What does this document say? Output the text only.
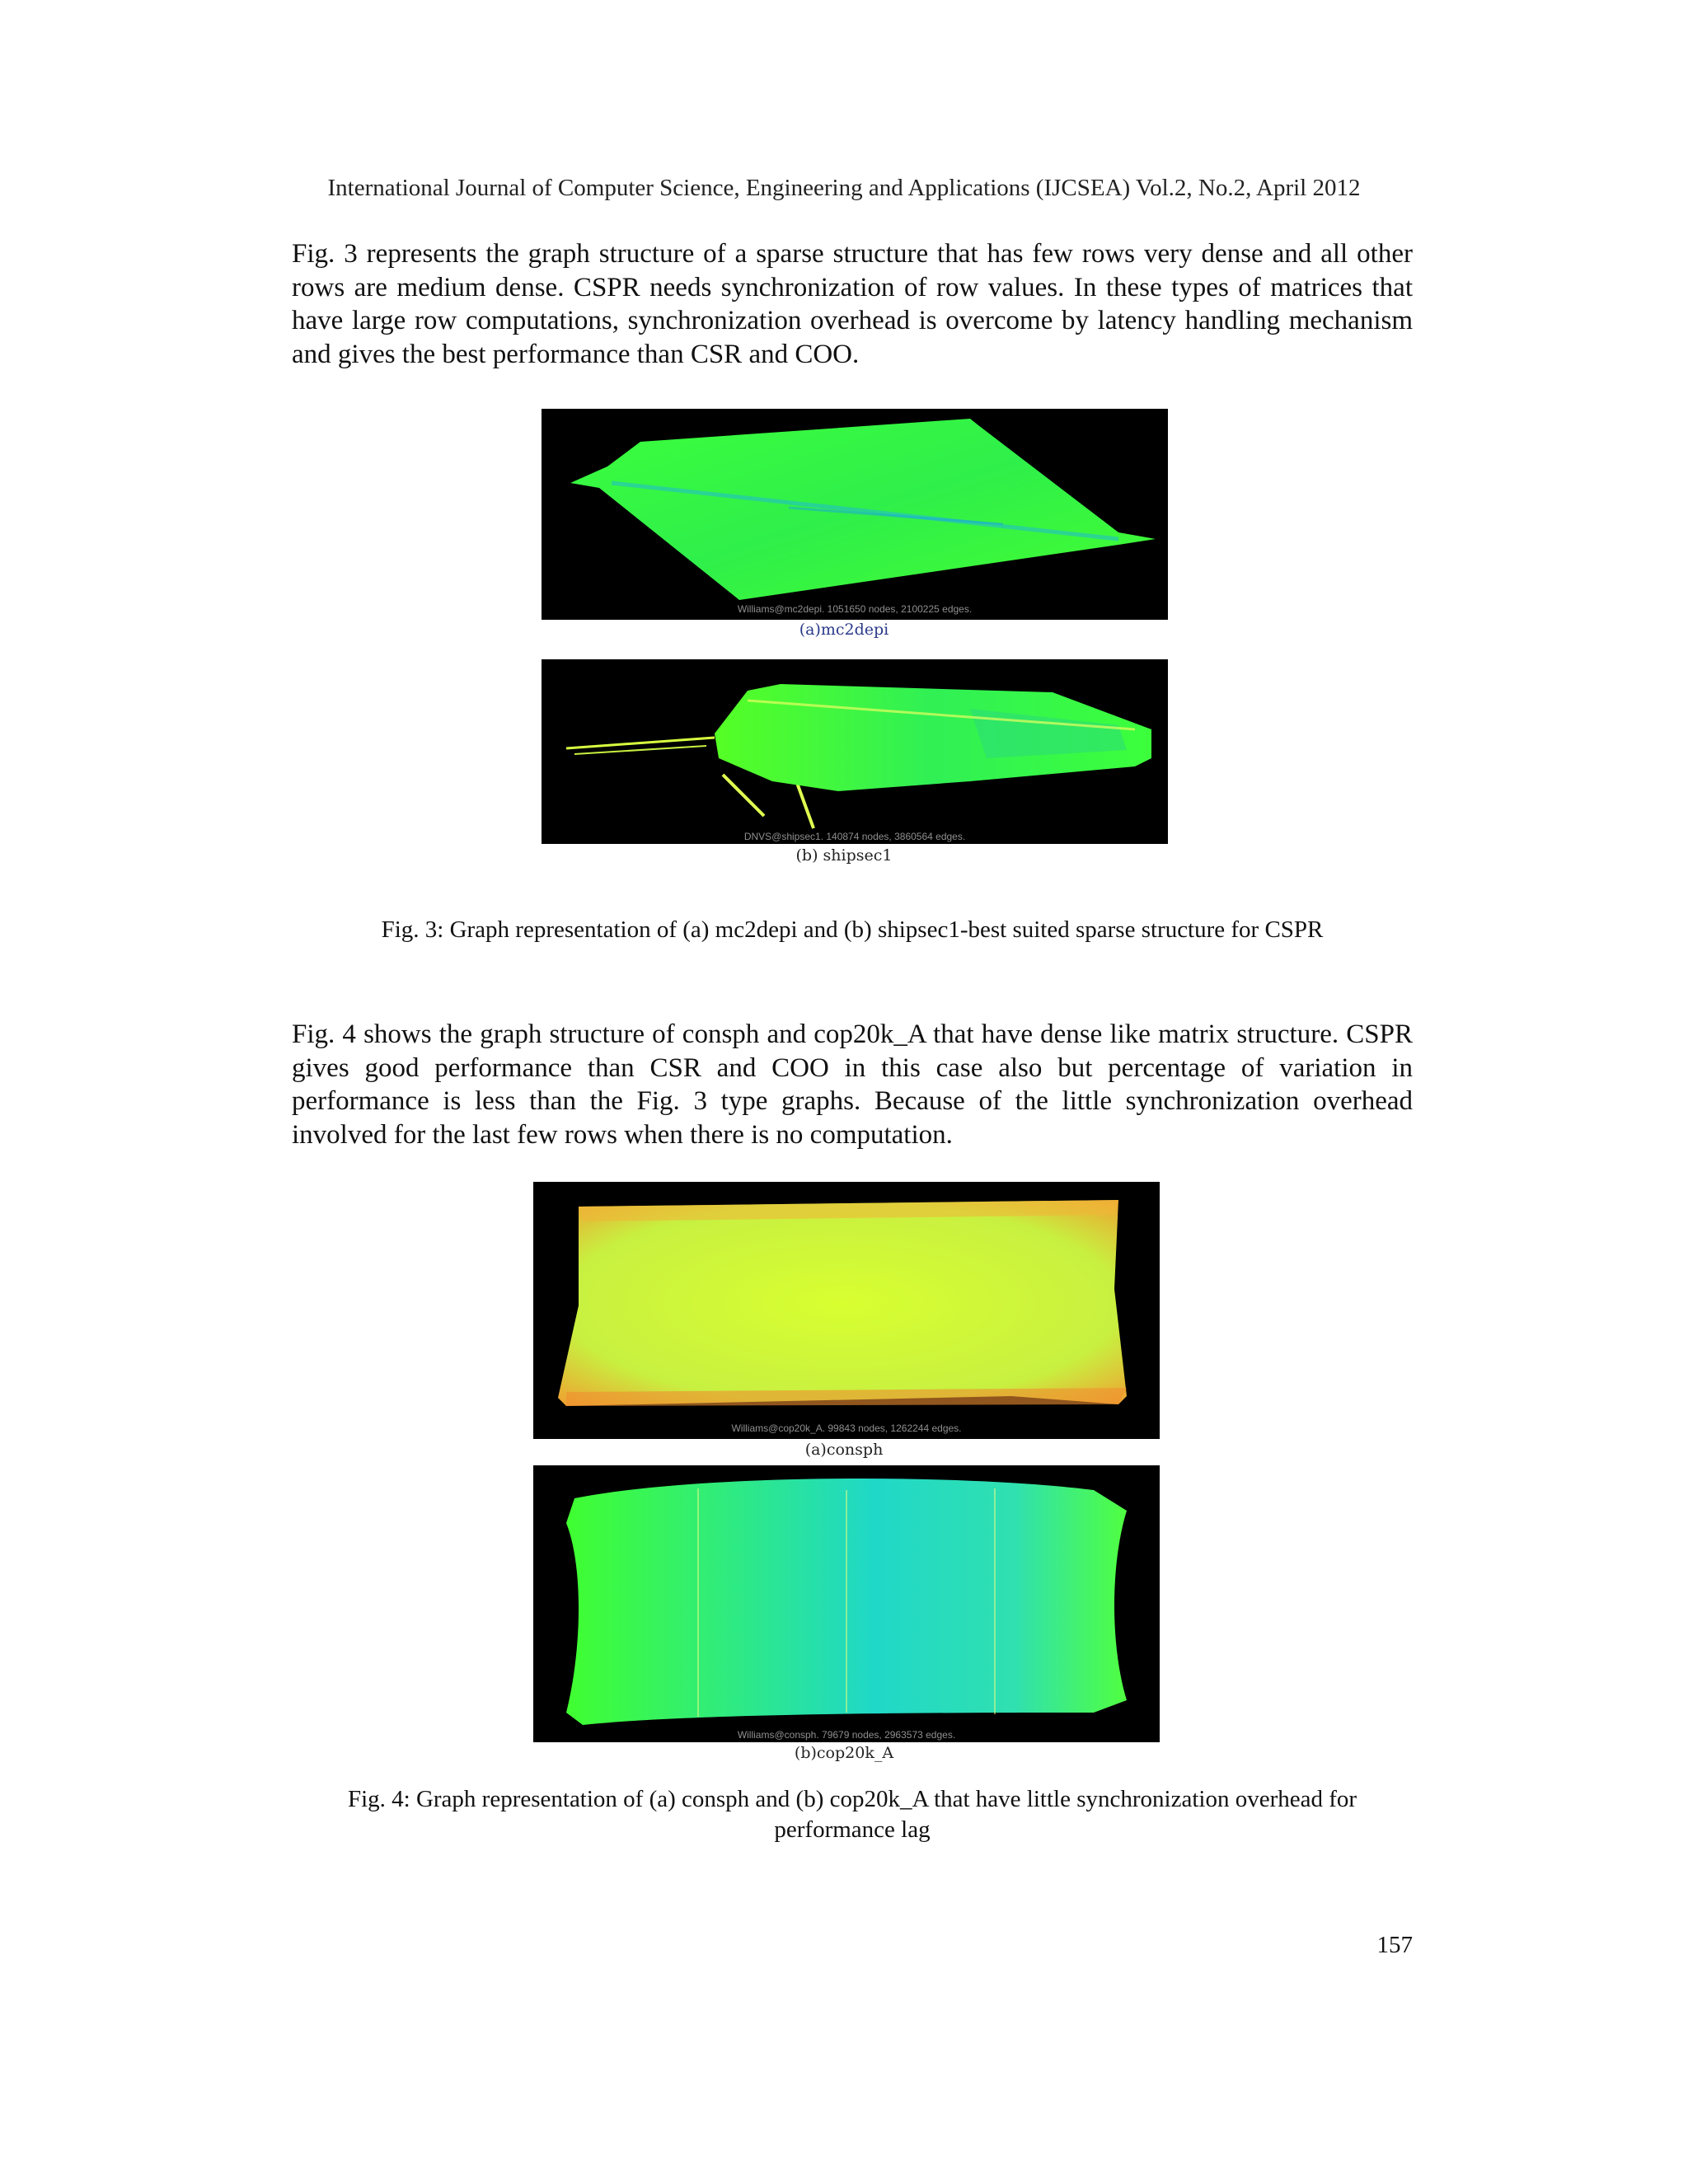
International Journal of Computer Science, Engineering and Applications (IJCSEA) Vol.2, No.2, April 2012
Fig. 3 represents the graph structure of a sparse structure that has few rows very dense and all other rows are medium dense. CSPR needs synchronization of row values. In these types of matrices that have large row computations, synchronization overhead is overcome by latency handling mechanism and gives the best performance than CSR and COO.
Williams@mc2depi. 1051650 nodes, 2100225 edges.
(a)mc2depi
DNVS@shipsec1. 140874 nodes, 3860564 edges.
(b) shipsec1
Fig. 3: Graph representation of (a) mc2depi and (b) shipsec1-best suited sparse structure for CSPR
Fig. 4 shows the graph structure of consph and cop20k_A that have dense like matrix structure. CSPR gives good performance than CSR and COO in this case also but percentage of variation in performance is less than the Fig. 3 type graphs. Because of the little synchronization overhead involved for the last few rows when there is no computation.
Williams@cop20k_A. 99843 nodes, 1262244 edges.
(a)consph
Williams@consph. 79679 nodes, 2963573 edges.
(b)cop20k_A
Fig. 4: Graph representation of (a) consph and (b) cop20k_A that have little synchronization overhead for performance lag
157
